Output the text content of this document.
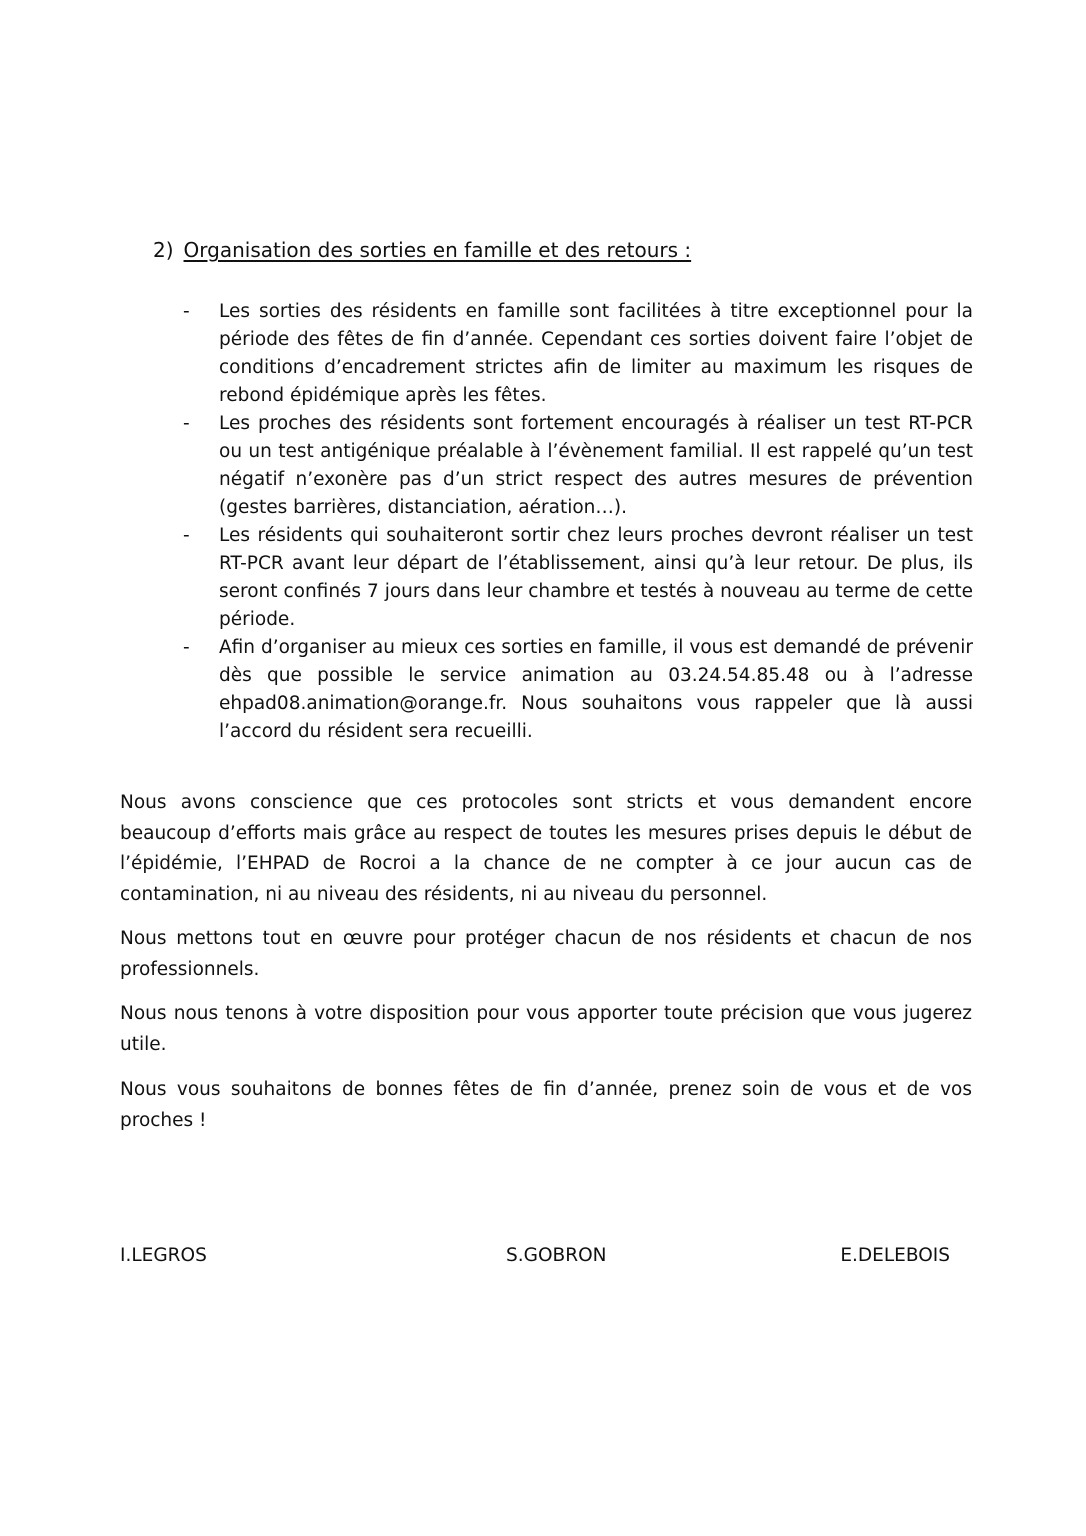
2) Organisation des sorties en famille et des retours :
- Les sorties des résidents en famille sont facilitées à titre exceptionnel pour la période des fêtes de fin d’année. Cependant ces sorties doivent faire l’objet de conditions d’encadrement strictes afin de limiter au maximum les risques de rebond épidémique après les fêtes.
- Les proches des résidents sont fortement encouragés à réaliser un test RT-PCR ou un test antigénique préalable à l’évènement familial. Il est rappelé qu’un test négatif n’exonère pas d’un strict respect des autres mesures de prévention (gestes barrières, distanciation, aération…).
- Les résidents qui souhaiteront sortir chez leurs proches devront réaliser un test RT-PCR avant leur départ de l’établissement, ainsi qu’à leur retour. De plus, ils seront confinés 7 jours dans leur chambre et testés à nouveau au terme de cette période.
- Afin d’organiser au mieux ces sorties en famille, il vous est demandé de prévenir dès que possible le service animation au 03.24.54.85.48 ou à l’adresse ehpad08.animation@orange.fr. Nous souhaitons vous rappeler que là aussi l’accord du résident sera recueilli.

Nous avons conscience que ces protocoles sont stricts et vous demandent encore beaucoup d’efforts mais grâce au respect de toutes les mesures prises depuis le début de l’épidémie, l’EHPAD de Rocroi a la chance de ne compter à ce jour aucun cas de contamination, ni au niveau des résidents, ni au niveau du personnel.

Nous mettons tout en œuvre pour protéger chacun de nos résidents et chacun de nos professionnels.

Nous nous tenons à votre disposition pour vous apporter toute précision que vous jugerez utile.

Nous vous souhaitons de bonnes fêtes de fin d’année, prenez soin de vous et de vos proches !

I.LEGROS	S.GOBRON	E.DELEBOIS
